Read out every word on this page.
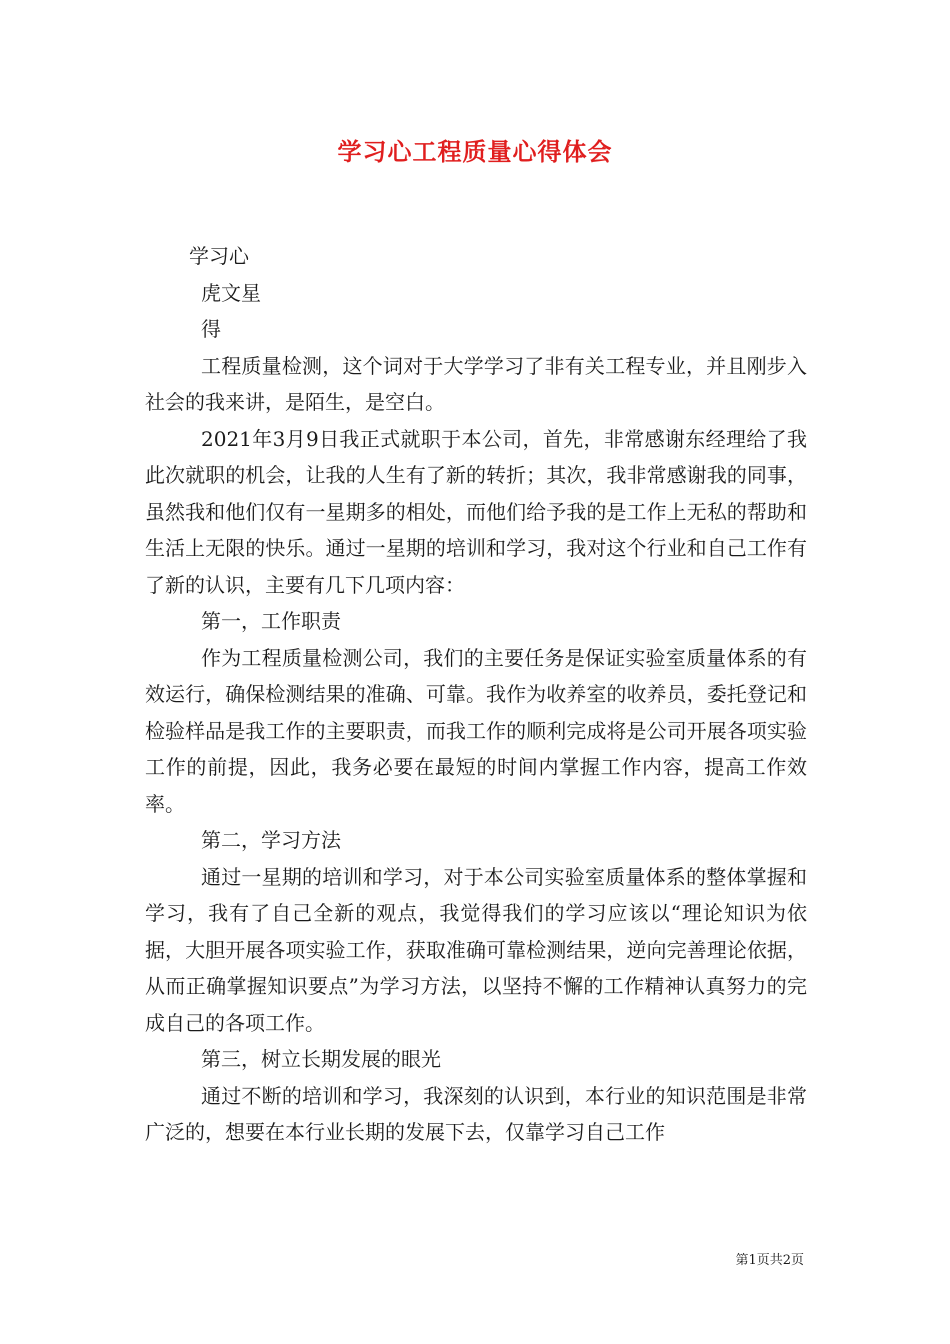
学习心工程质量心得体会

学习心

虎文星

得

工程质量检测，这个词对于大学学习了非有关工程专业，并且刚步入社会的我来讲，是陌生，是空白。

2021年3月9日我正式就职于本公司，首先，非常感谢东经理给了我此次就职的机会，让我的人生有了新的转折；其次，我非常感谢我的同事，虽然我和他们仅有一星期多的相处，而他们给予我的是工作上无私的帮助和生活上无限的快乐。通过一星期的培训和学习，我对这个行业和自己工作有了新的认识，主要有几下几项内容：

第一，工作职责

作为工程质量检测公司，我们的主要任务是保证实验室质量体系的有效运行，确保检测结果的准确、可靠。我作为收养室的收养员，委托登记和检验样品是我工作的主要职责，而我工作的顺利完成将是公司开展各项实验工作的前提，因此，我务必要在最短的时间内掌握工作内容，提高工作效率。

第二，学习方法

通过一星期的培训和学习，对于本公司实验室质量体系的整体掌握和学习，我有了自己全新的观点，我觉得我们的学习应该以“理论知识为依据，大胆开展各项实验工作，获取准确可靠检测结果，逆向完善理论依据，从而正确掌握知识要点”为学习方法，以坚持不懈的工作精神认真努力的完成自己的各项工作。

第三，树立长期发展的眼光

通过不断的培训和学习，我深刻的认识到，本行业的知识范围是非常广泛的，想要在本行业长期的发展下去，仅靠学习自己工作

第1页共2页
